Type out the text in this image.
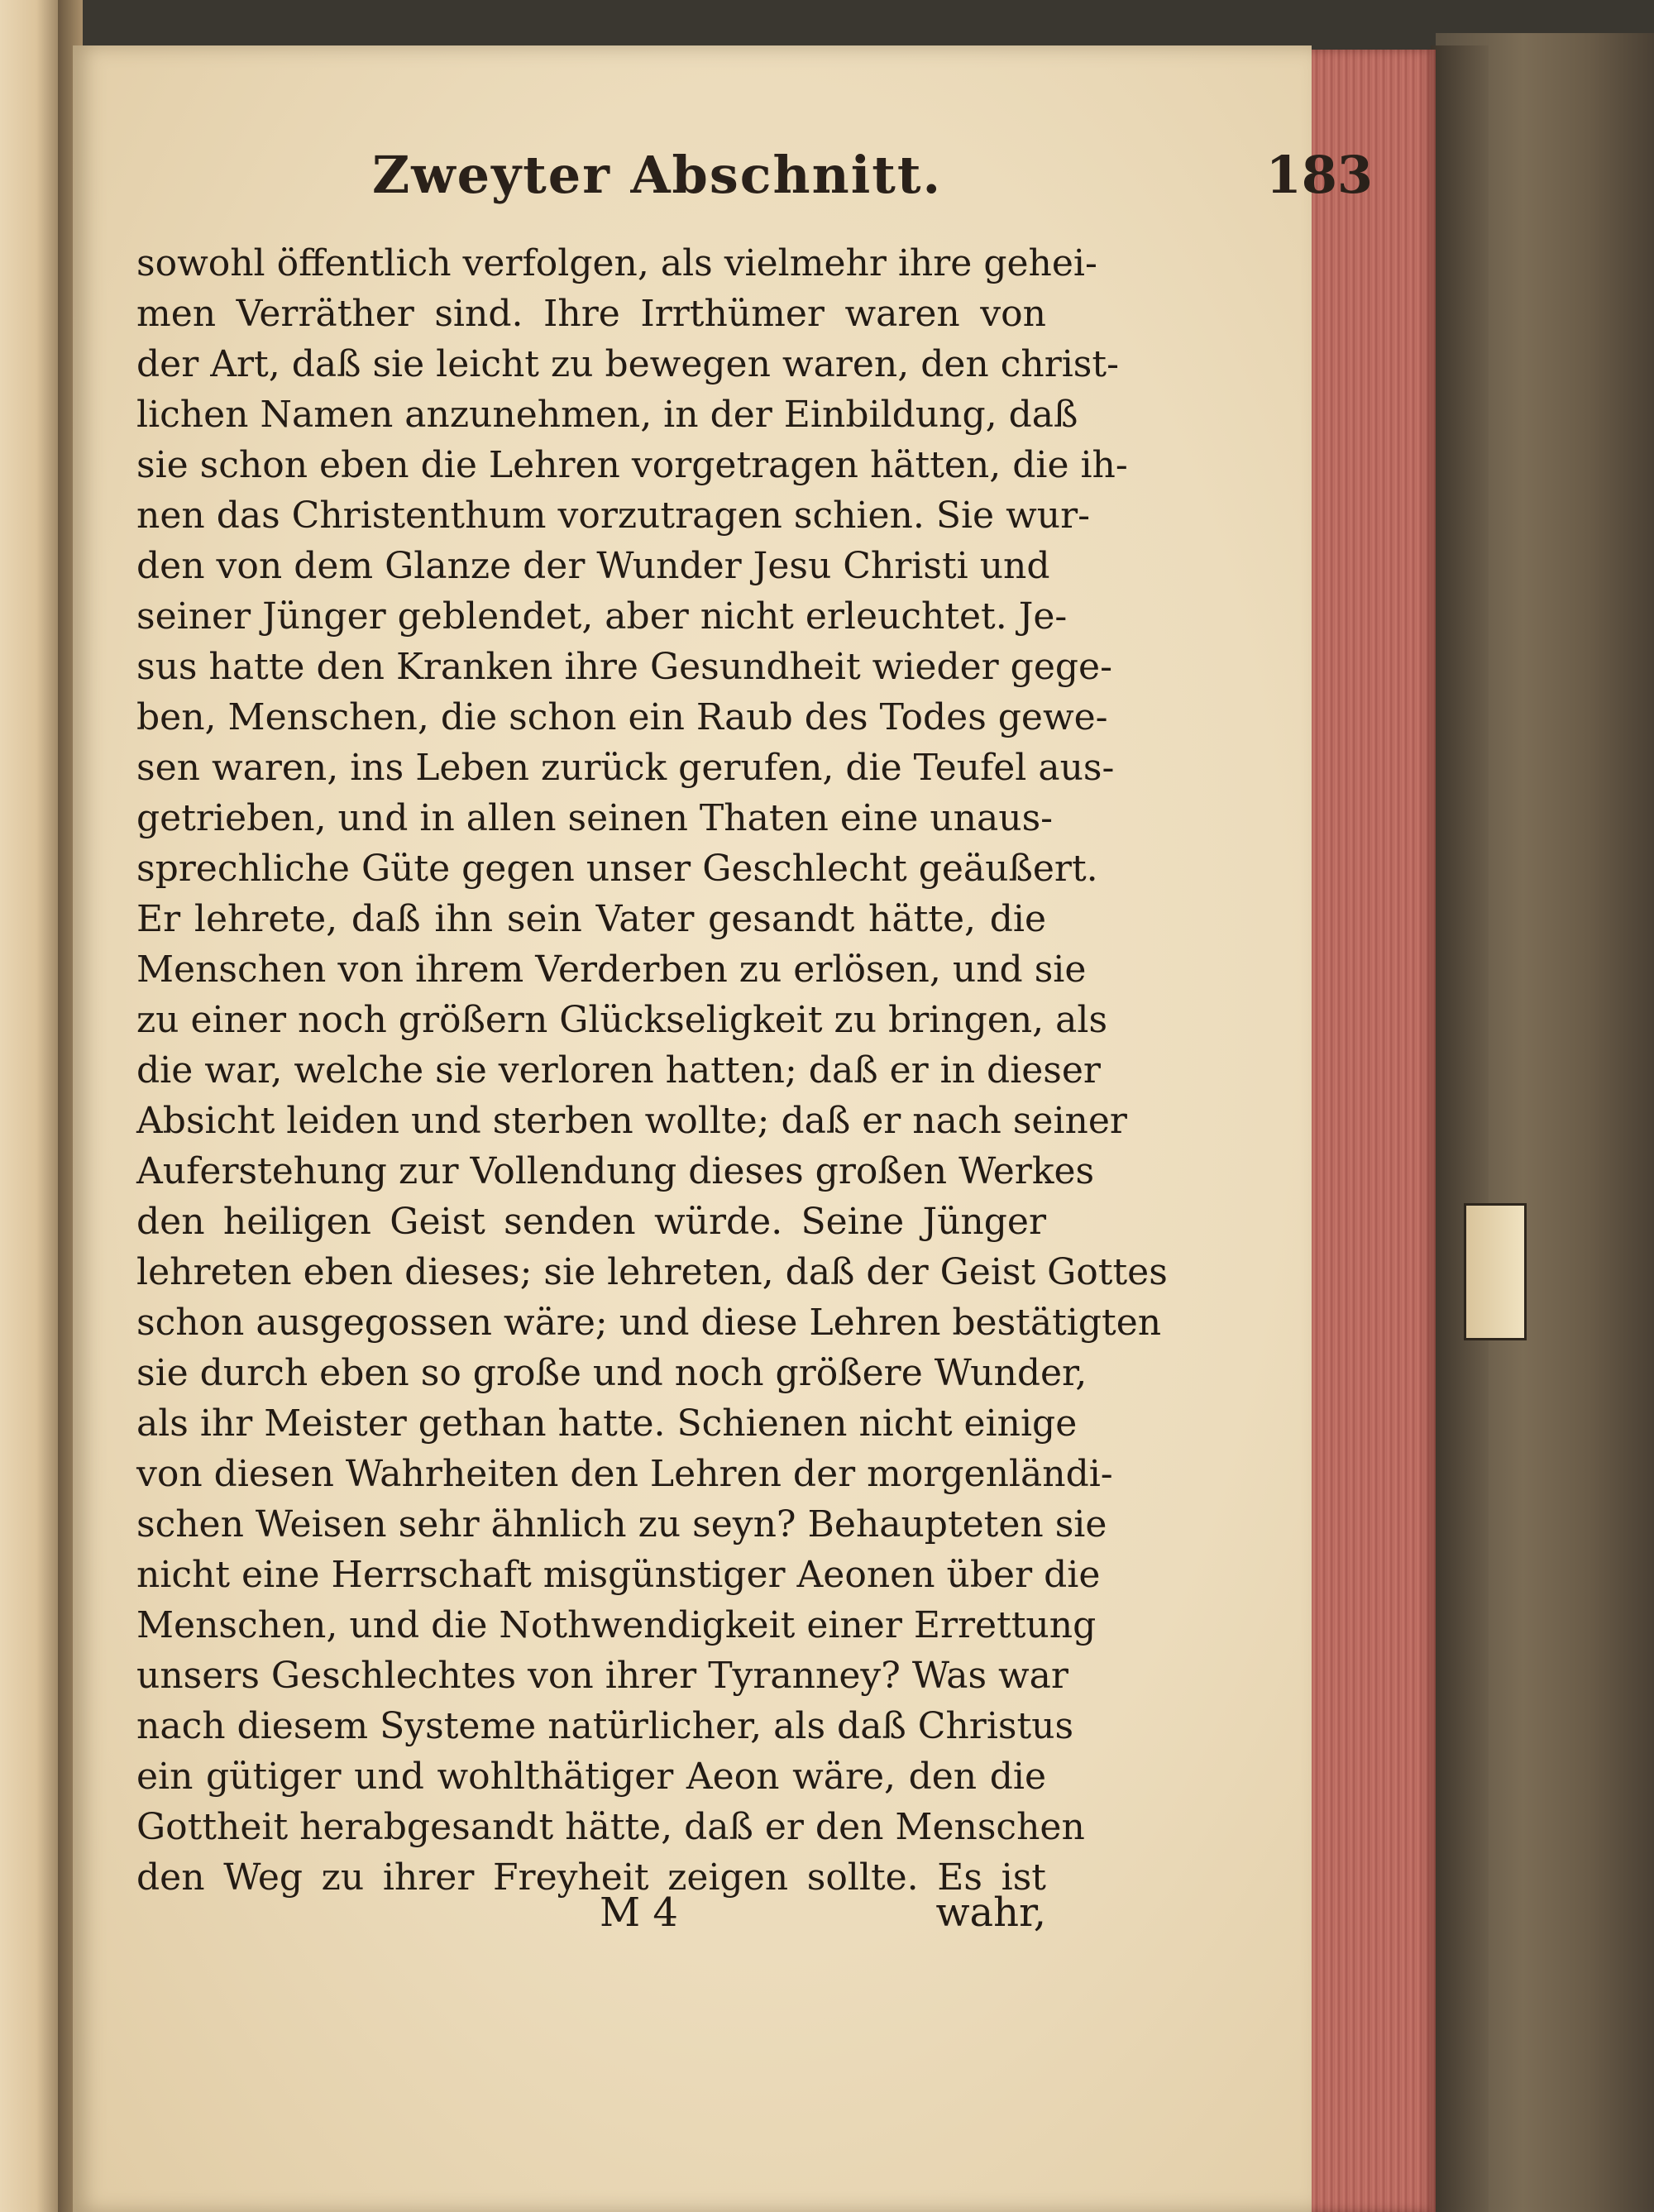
Zweyter Abschnitt.	183
sowohl öffentlich verfolgen, als vielmehr ihre gehei-
men Verräther sind. Ihre Irrthümer waren von
der Art, daß sie leicht zu bewegen waren, den christ-
lichen Namen anzunehmen, in der Einbildung, daß
sie schon eben die Lehren vorgetragen hätten, die ih-
nen das Christenthum vorzutragen schien. Sie wur-
den von dem Glanze der Wunder Jesu Christi und
seiner Jünger geblendet, aber nicht erleuchtet. Je-
sus hatte den Kranken ihre Gesundheit wieder gege-
ben, Menschen, die schon ein Raub des Todes gewe-
sen waren, ins Leben zurück gerufen, die Teufel aus-
getrieben, und in allen seinen Thaten eine unaus-
sprechliche Güte gegen unser Geschlecht geäußert.
Er lehrete, daß ihn sein Vater gesandt hätte, die
Menschen von ihrem Verderben zu erlösen, und sie
zu einer noch größern Glückseligkeit zu bringen, als
die war, welche sie verloren hatten; daß er in dieser
Absicht leiden und sterben wollte; daß er nach seiner
Auferstehung zur Vollendung dieses großen Werkes
den heiligen Geist senden würde. Seine Jünger
lehreten eben dieses; sie lehreten, daß der Geist Gottes
schon ausgegossen wäre; und diese Lehren bestätigten
sie durch eben so große und noch größere Wunder,
als ihr Meister gethan hatte. Schienen nicht einige
von diesen Wahrheiten den Lehren der morgenländi-
schen Weisen sehr ähnlich zu seyn? Behaupteten sie
nicht eine Herrschaft misgünstiger Aeonen über die
Menschen, und die Nothwendigkeit einer Errettung
unsers Geschlechtes von ihrer Tyranney? Was war
nach diesem Systeme natürlicher, als daß Christus
ein gütiger und wohlthätiger Aeon wäre, den die
Gottheit herabgesandt hätte, daß er den Menschen
den Weg zu ihrer Freyheit zeigen sollte. Es ist
M 4	wahr,
